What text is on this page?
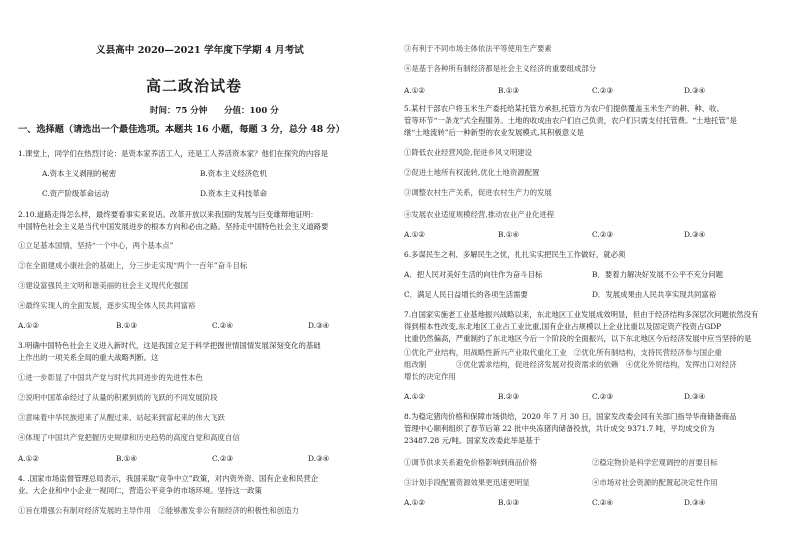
义县高中 2020—2021 学年度下学期 4 月考试
高二政治试卷
时间：75 分钟 分值：100 分
一、选择题（请选出一个最佳选项。本题共 16 小题，每题 3 分，总分 48 分）
1.课堂上，同学们在热烈讨论：是资本家养活工人，还是工人养活资本家？他们在探究的内容是
A.资本主义剥削的秘密	B.资本主义经济危机
C.资产阶级革命运动	D.资本主义科技革命
2.10.道路走得怎么样，最终要看事实来说话。改革开放以来我国的发展与巨变雄辩地证明：
中国特色社会主义是当代中国发展进步的根本方向和必由之路。坚持走中国特色社会主义道路要
①立足基本国情，坚持“一个中心，两个基本点”
②在全面建成小康社会的基础上，分三步走实现“两个一百年”奋斗目标
③建设富强民主文明和谐美丽的社会主义现代化强国
④最终实现人的全面发展，逐步实现全体人民共同富裕
A.①②	B.①③	C.②④	D.③④
3.明确中国特色社会主义进入新时代，这是我国立足于科学把握世情国情发展深刻变化的基础
上作出的一项关系全局的重大战略判断。这
①进一步彰显了中国共产党与时代共同进步的先进性本色
②说明中国革命经过了从量的积累到质的飞跃的不同发展阶段
③意味着中华民族迎来了从醒过来、站起来到富起来的伟大飞跃
④体现了中国共产党把握历史规律和历史趋势的高度自觉和高度自信
A.①②	B.①④	C.②③	D.③④
4. .国家市场监督管理总局表示，我国采取“竞争中立”政策，对内资外资、国有企业和民营企
业、大企业和中小企业一视同仁，营造公平竞争的市场环境。坚持这一政策
①旨在增强公有制对经济发展的主导作用　②能够激发非公有制经济的积极性和创造力
③有利于不同市场主体依法平等使用生产要素
④是基于各种所有制经济都是社会主义经济的重要组成部分
A.①②	B.①③	C.②③	D.③④
5.某村干部农户将玉米生产委托给某托管方承担,托管方为农户们提供覆盖玉米生产的耕、种、收、
管等环节“一条龙”式全程服务。土地的收成由农户们自己负责，农户们只需支付托管费。“土地托管”是
继“土地流转”后一种新型的农业发展模式,其积极意义是
①降低农业经营风险,促进乡风文明建设
②促进土地所有权流转,优化土地资源配置
③调整农村生产关系，促进农村生产力的发展
④发展农业适度规模经营,推动农业产业化进程
A.①②	B.①④	C.②③	D.③④
6.多谋民生之利、多解民生之忧，扎扎实实把民生工作做好，就必须
A．把人民对美好生活的向往作为奋斗目标	B．要着力解决好发展不公平不充分问题
C．满足人民日益增长的各项生活需要	D．发展成果由人民共享实现共同富裕
7.自国家实施老工业基地振兴战略以来，东北地区工业发展成效明显，但由于经济结构多深层次问题依然没有
得到根本性改变,东北地区工业占工业比重,国有企业占规模以上企业比重以及固定资产投资占GDP
比重仍然偏高，严重制约了东北地区今后一个阶段的全面振兴，以下东北地区今后经济发展中应当坚持的是
①优化产业结构，用战略性新兴产业取代重化工业　②优化所有制结构，支持民营经济参与国企重
组改制　　　　③优化需求结构，促进经济发展对投资需求的依赖　④优化外贸结构，发挥出口对经济
增长的决定作用
A.①②	B.②③	C.②③	D.③④
8.为稳定猪肉价格和保障市场供给，2020 年 7 月 30 日，国家发改委会同有关部门指导华商储备商品
管理中心顺利组织了春节后第 22 批中央冻猪肉储备投放，共计成交 9371.7 吨，平均成交价为
23487.28 元/吨。国家发改委此举是基于
①调节供求关系避免价格影响到商品价格	②稳定物价是科学宏观调控的首要目标
③计划手段配置资源效果更迅速更明显	④市场对社会资源的配置起决定性作用
A.①②	B.①③	C.②④	D.③④
